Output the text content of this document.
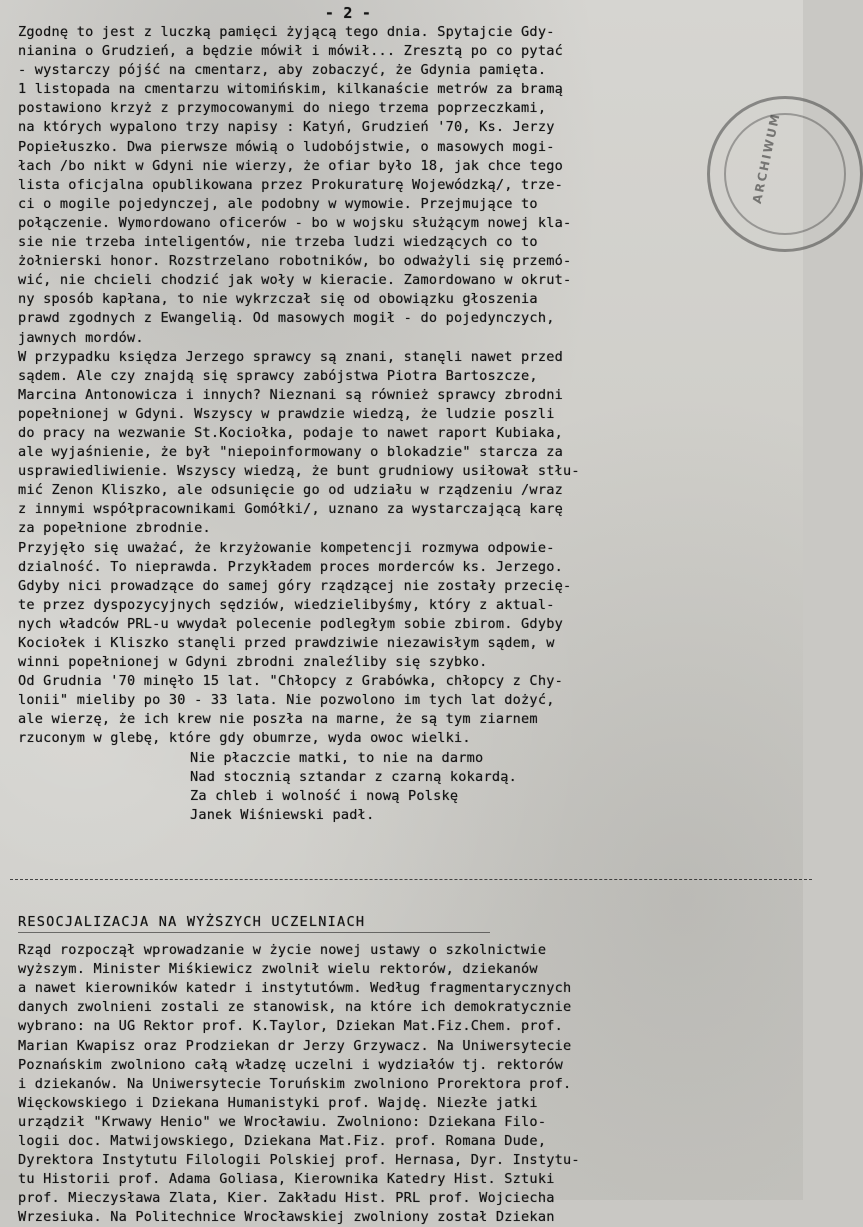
ARCHIWUM
- 2 -
Zgodnę to jest z luczką pamięci żyjącą tego dnia. Spytajcie Gdy-
nianina o Grudzień, a będzie mówił i mówił... Zresztą po co pytać
- wystarczy pójść na cmentarz, aby zobaczyć, że Gdynia pamięta.
1 listopada na cmentarzu witomińskim, kilkanaście metrów za bramą
postawiono krzyż z przymocowanymi do niego trzema poprzeczkami,
na których wypalono trzy napisy : Katyń, Grudzień '70, Ks. Jerzy
Popiełuszko. Dwa pierwsze mówią o ludobójstwie, o masowych mogi-
łach /bo nikt w Gdyni nie wierzy, że ofiar było 18, jak chce tego
lista oficjalna opublikowana przez Prokuraturę Wojewódzką/, trze-
ci o mogile pojedynczej, ale podobny w wymowie. Przejmujące to
połączenie. Wymordowano oficerów - bo w wojsku służącym nowej kla-
sie nie trzeba inteligentów, nie trzeba ludzi wiedzących co to
żołnierski honor. Rozstrzelano robotników, bo odważyli się przemó-
wić, nie chcieli chodzić jak woły w kieracie. Zamordowano w okrut-
ny sposób kapłana, to nie wykrzczał się od obowiązku głoszenia
prawd zgodnych z Ewangelią. Od masowych mogił - do pojedynczych,
jawnych mordów.
W przypadku księdza Jerzego sprawcy są znani, stanęli nawet przed
sądem. Ale czy znajdą się sprawcy zabójstwa Piotra Bartoszcze,
Marcina Antonowicza i innych? Nieznani są również sprawcy zbrodni
popełnionej w Gdyni. Wszyscy w prawdzie wiedzą, że ludzie poszli
do pracy na wezwanie St.Kociołka, podaje to nawet raport Kubiaka,
ale wyjaśnienie, że był "niepoinformowany o blokadzie" starcza za
usprawiedliwienie. Wszyscy wiedzą, że bunt grudniowy usiłował stłu-
mić Zenon Kliszko, ale odsunięcie go od udziału w rządzeniu /wraz
z innymi współpracownikami Gomółki/, uznano za wystarczającą karę
za popełnione zbrodnie.
Przyjęło się uważać, że krzyżowanie kompetencji rozmywa odpowie-
dzialność. To nieprawda. Przykładem proces morderców ks. Jerzego.
Gdyby nici prowadzące do samej góry rządzącej nie zostały przecię-
te przez dyspozycyjnych sędziów, wiedzielibyśmy, który z aktual-
nych władców PRL-u wwydał polecenie podległym sobie zbirom. Gdyby
Kociołek i Kliszko stanęli przed prawdziwie niezawisłym sądem, w
winni popełnionej w Gdyni zbrodni znaleźliby się szybko.
Od Grudnia '70 minęło 15 lat. "Chłopcy z Grabówka, chłopcy z Chy-
lonii" mieliby po 30 - 33 lata. Nie pozwolono im tych lat dożyć,
ale wierzę, że ich krew nie poszła na marne, że są tym ziarnem
rzuconym w glebę, które gdy obumrze, wyda owoc wielki.
Nie płaczcie matki, to nie na darmo
Nad stocznią sztandar z czarną kokardą.
Za chleb i wolność i nową Polskę
Janek Wiśniewski padł.
RESOCJALIZACJA NA WYŻSZYCH UCZELNIACH
Rząd rozpoczął wprowadzanie w życie nowej ustawy o szkolnictwie
wyższym. Minister Miśkiewicz zwolnił wielu rektorów, dziekanów
a nawet kierowników katedr i instytutówm. Według fragmentarycznych
danych zwolnieni zostali ze stanowisk, na które ich demokratycznie
wybrano: na UG Rektor prof. K.Taylor, Dziekan Mat.Fiz.Chem. prof.
Marian Kwapisz oraz Prodziekan dr Jerzy Grzywacz. Na Uniwersytecie
Poznańskim zwolniono całą władzę uczelni i wydziałów tj. rektorów
i dziekanów. Na Uniwersytecie Toruńskim zwolniono Prorektora prof.
Więckowskiego i Dziekana Humanistyki prof. Wajdę. Niezłe jatki
urządził "Krwawy Henio" we Wrocławiu. Zwolniono: Dziekana Filo-
logii doc. Matwijowskiego, Dziekana Mat.Fiz. prof. Romana Dude,
Dyrektora Instytutu Filologii Polskiej prof. Hernasa, Dyr. Instytu-
tu Historii prof. Adama Goliasa, Kierownika Katedry Hist. Sztuki
prof. Mieczysława Zlata, Kier. Zakładu Hist. PRL prof. Wojciecha
Wrzesiuka. Na Politechnice Wrocławskiej zwolniony został Dziekan
